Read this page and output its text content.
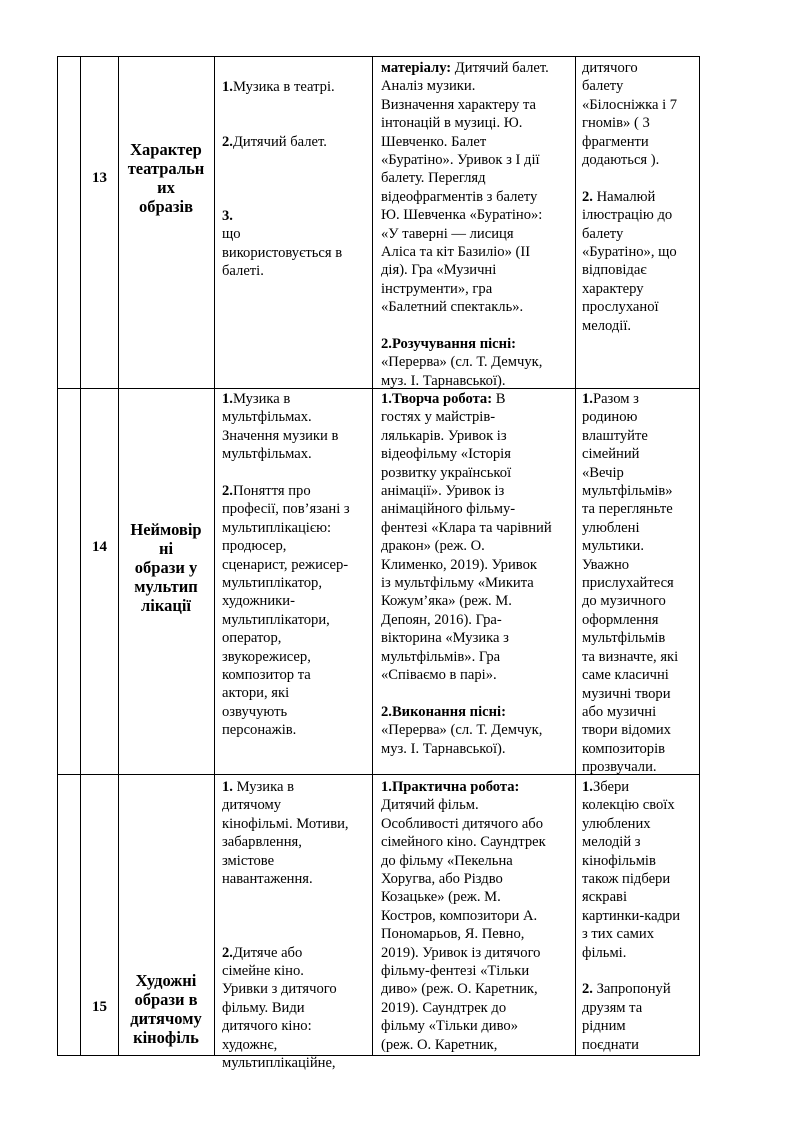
13
Характер
театральн
их
образів
1.Музика в театрі.
2.Дитячий балет.
3.
що
використовується в
балеті.
матеріалу: Дитячий балет.
Аналіз музики.
Визначення характеру та
інтонацій в музиці. Ю.
Шевченко. Балет
«Буратіно». Уривок з І дії
балету. Перегляд
відеофрагментів з балету
Ю. Шевченка «Буратіно»:
«У таверні — лисиця
Аліса та кіт Базиліо» (ІІ
дія). Гра «Музичні
інструменти», гра
«Балетний спектакль».
2.Розучування пісні:
«Перерва» (сл. Т. Демчук,
муз. І. Тарнавської).
дитячого
балету
«Білосніжка і 7
гномів» ( 3
фрагменти
додаються ).
2. Намалюй
ілюстрацію до
балету
«Буратіно», що
відповідає
характеру
прослуханої
мелодії.
14
Неймовір
ні
образи у
мультип
лікації
1.Музика в
мультфільмах.
Значення музики в
мультфільмах.
2.Поняття про
професії, пов’язані з
мультиплікацією:
продюсер,
сценарист, режисер-
мультиплікатор,
художники-
мультиплікатори,
оператор,
звукорежисер,
композитор та
актори, які
озвучують
персонажів.
1.Творча робота: В
гостях у майстрів-
лялькарів. Уривок із
відеофільму «Історія
розвитку української
анімації». Уривок із
анімаційного фільму-
фентезі «Клара та чарівний
дракон» (реж. О.
Клименко, 2019). Уривок
із мультфільму «Микита
Кожум’яка» (реж. М.
Депоян, 2016). Гра-
вікторина «Музика з
мультфільмів». Гра
«Співаємо в парі».
2.Виконання пісні:
«Перерва» (сл. Т. Демчук,
муз. І. Тарнавської).
1.Разом з
родиною
влаштуйте
сімейний
«Вечір
мультфільмів»
та перегляньте
улюблені
мультики.
Уважно
прислухайтеся
до музичного
оформлення
мультфільмів
та визначте, які
саме класичні
музичні твори
або музичні
твори відомих
композиторів
прозвучали.
15
Художні
образи в
дитячому
кінофіль
1. Музика в
дитячому
кінофільмі. Мотиви,
забарвлення,
змістове
навантаження.
2.Дитяче або
сімейне кіно.
Уривки з дитячого
фільму. Види
дитячого кіно:
художнє,
мультиплікаційне,
1.Практична робота:
Дитячий фільм.
Особливості дитячого або
сімейного кіно. Саундтрек
до фільму «Пекельна
Хоругва, або Різдво
Козацьке» (реж. М.
Костров, композитори А.
Пономарьов, Я. Певно,
2019). Уривок із дитячого
фільму-фентезі «Тільки
диво» (реж. О. Каретник,
2019). Саундтрек до
фільму «Тільки диво»
(реж. О. Каретник,
1.Збери
колекцію своїх
улюблених
мелодій з
кінофільмів
також підбери
яскраві
картинки-кадри
з тих самих
фільмі.
2. Запропонуй
друзям та
рідним
поєднати
